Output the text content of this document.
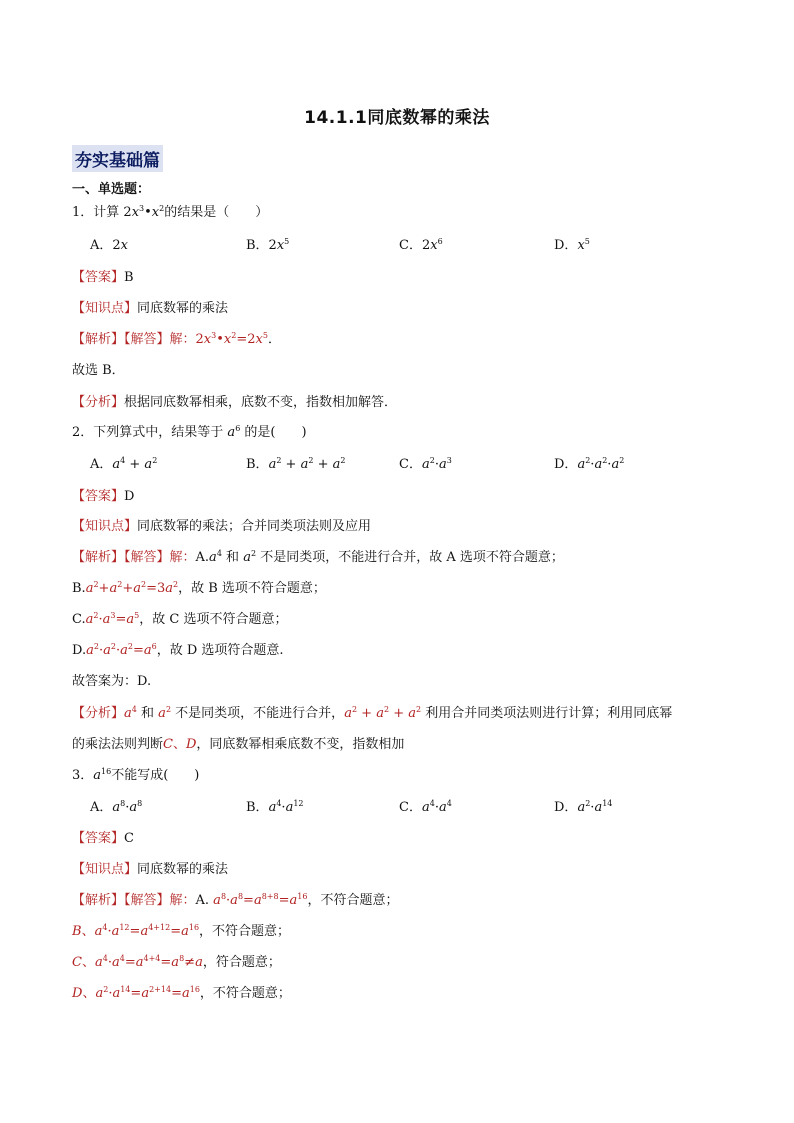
14.1.1同底数幂的乘法
夯实基础篇
一、单选题：
1．计算 $2x^3•x^2$的结果是（　　）
A．2x	B．$2x^5$	C．$2x^6$	D．$x^5$
【答案】B
【知识点】同底数幂的乘法
【解析】【解答】解：$2x^3•x^2=2x^5$．
故选 B．
【分析】根据同底数幂相乘，底数不变，指数相加解答．
2．下列算式中，结果等于 $a^6$ 的是(　　)
A．$a^4 + a^2$	B．$a^2 + a^2 + a^2$	C．$a^2\cdot a^3$	D．$a^2\cdot a^2\cdot a^2$
【答案】D
【知识点】同底数幂的乘法；合并同类项法则及应用
【解析】【解答】解：$A.a^4$ 和 $a^2$ 不是同类项，不能进行合并，故 A 选项不符合题意；
$B.a^2+a^2+a^2=3a^2$，故 B 选项不符合题意；
$C.a^2\cdot a^3=a^5$，故 C 选项不符合题意；
$D.a^2\cdot a^2\cdot a^2=a^6$，故 D 选项符合题意.
故答案为：D.
【分析】$a^4$ 和 $a^2$ 不是同类项，不能进行合并，$a^2 + a^2 + a^2$ 利用合并同类项法则进行计算；利用同底幂
的乘法法则判断C、D，同底数幂相乘底数不变，指数相加
3．$a^{16}$不能写成(　　)
A．$a^8\cdot a^8$	B．$a^4\cdot a^{12}$	C．$a^4\cdot a^4$	D．$a^2\cdot a^{14}$
【答案】C
【知识点】同底数幂的乘法
【解析】【解答】解：A. $a^8\cdot a^8=a^{8+8}=a^{16}$，不符合题意；
B、$a^4\cdot a^{12}=a^{4+12}=a^{16}$，不符合题意；
C、$a^4\cdot a^4=a^{4+4}=a^8\ne a$，符合题意；
D、$a^2\cdot a^{14}=a^{2+14}=a^{16}$，不符合题意；
